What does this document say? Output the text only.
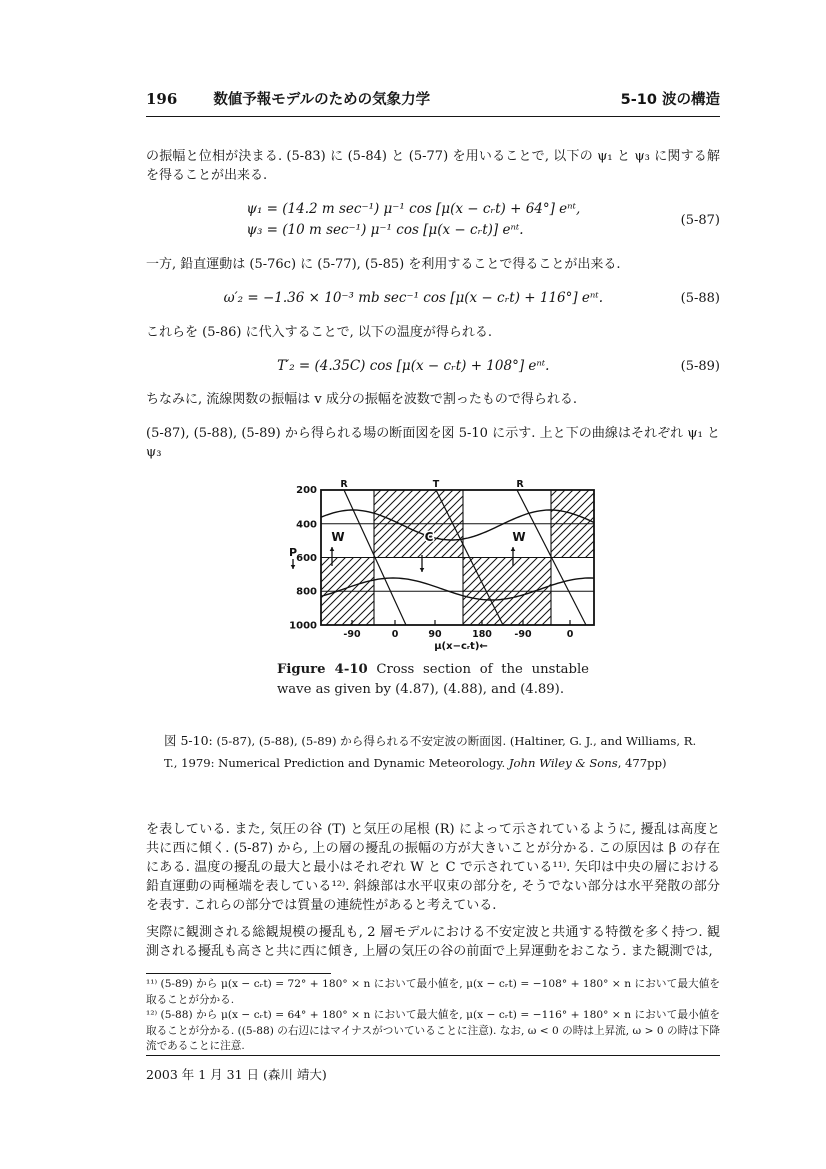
196 数値予報モデルのための気象力学	5-10 波の構造

の振幅と位相が決まる. (5-83) に (5-84) と (5-77) を用いることで, 以下の ψ₁ と ψ₃ に関する解を得ることが出来る.

ψ₁ = (14.2 m sec⁻¹) μ⁻¹ cos [μ(x − cᵣt) + 64°] eⁿᵗ,
ψ₃ = (10 m sec⁻¹) μ⁻¹ cos [μ(x − cᵣt)] eⁿᵗ.
(5-87)

一方, 鉛直運動は (5-76c) に (5-77), (5-85) を利用することで得ることが出来る.

ω′₂ = −1.36 × 10⁻³ mb sec⁻¹ cos [μ(x − cᵣt) + 116°] eⁿᵗ.	(5-88)

これらを (5-86) に代入することで, 以下の温度が得られる.

T′₂ = (4.35C) cos [μ(x − cᵣt) + 108°] eⁿᵗ.	(5-89)

ちなみに, 流線関数の振幅は v 成分の振幅を波数で割ったもので得られる.

(5-87), (5-88), (5-89) から得られる場の断面図を図 5-10 に示す. 上と下の曲線はそれぞれ ψ₁ と ψ₃

W	C	W
R	T	R
200
400
600
800
1000
P
-90	0	90	180 -90	0
μ(x−cᵣt)←
Figure 4-10 Cross section of the unstable wave as given by (4.87), (4.88), and (4.89).
図 5-10: (5-87), (5-88), (5-89) から得られる不安定波の断面図. (Haltiner, G. J., and Williams, R. T., 1979: Numerical Prediction and Dynamic Meteorology. John Wiley & Sons, 477pp)

を表している. また, 気圧の谷 (T) と気圧の尾根 (R) によって示されているように, 擾乱は高度と共に西に傾く. (5-87) から, 上の層の擾乱の振幅の方が大きいことが分かる. この原因は β の存在にある. 温度の擾乱の最大と最小はそれぞれ W と C で示されている¹¹⁾. 矢印は中央の層における鉛直運動の両極端を表している¹²⁾. 斜線部は水平収束の部分を, そうでない部分は水平発散の部分を表す. これらの部分では質量の連続性があると考えている.

実際に観測される総観規模の擾乱も, 2 層モデルにおける不安定波と共通する特徴を多く持つ. 観測される擾乱も高さと共に西に傾き, 上層の気圧の谷の前面で上昇運動をおこなう. また観測では,

¹¹⁾ (5-89) から μ(x − cᵣt) = 72° + 180° × n において最小値を, μ(x − cᵣt) = −108° + 180° × n において最大値を取ることが分かる.

¹²⁾ (5-88) から μ(x − cᵣt) = 64° + 180° × n において最大値を, μ(x − cᵣt) = −116° + 180° × n において最小値を取ることが分かる. ((5-88) の右辺にはマイナスがついていることに注意). なお, ω < 0 の時は上昇流, ω > 0 の時は下降流であることに注意.

2003 年 1 月 31 日 (森川 靖大)
